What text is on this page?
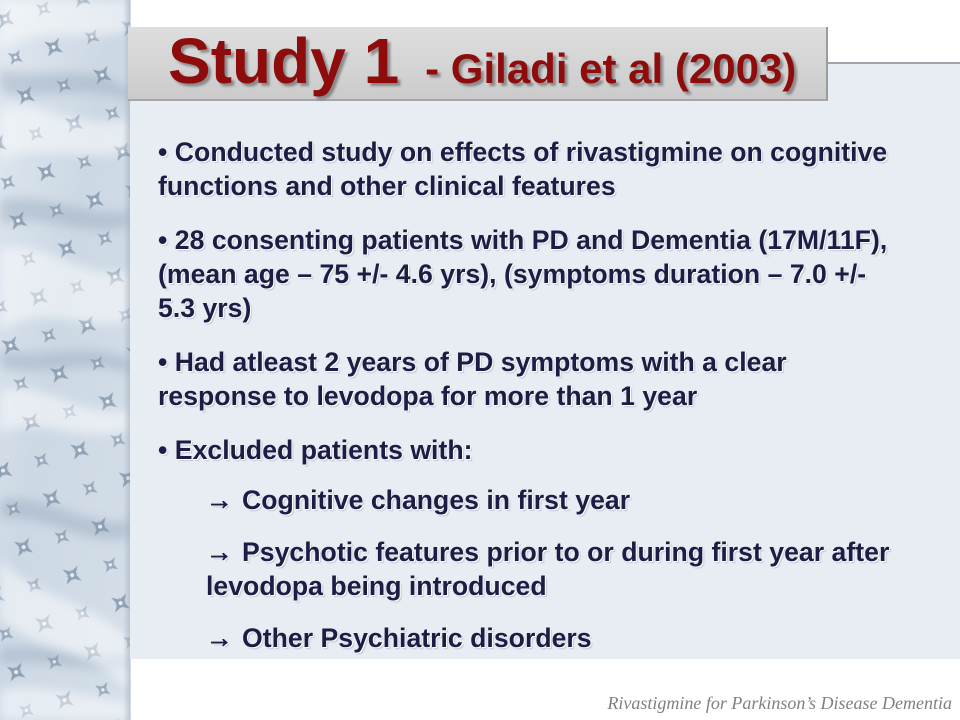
Study 1 - Giladi et al (2003)
• Conducted study on effects of rivastigmine on cognitive functions and other clinical features
• 28 consenting patients with PD and Dementia (17M/11F), (mean age – 75 +/- 4.6 yrs), (symptoms duration – 7.0 +/- 5.3 yrs)
• Had atleast 2 years of PD symptoms with a clear response to levodopa for more than 1 year
• Excluded patients with:
→ Cognitive changes in first year
→ Psychotic features prior to or during first year after levodopa being introduced
→ Other Psychiatric disorders
Rivastigmine for Parkinson’s Disease Dementia
